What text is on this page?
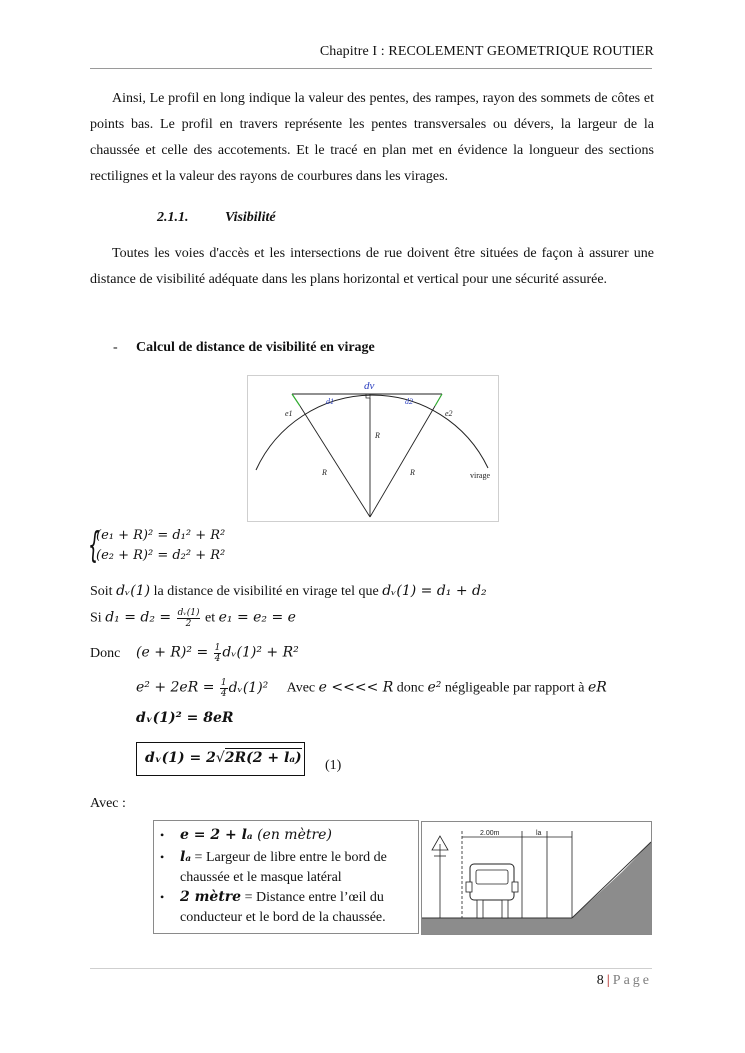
Chapitre I : RECOLEMENT GEOMETRIQUE ROUTIER

Ainsi, Le profil en long indique la valeur des pentes, des rampes, rayon des sommets de côtes et points bas. Le profil en travers représente les pentes transversales ou dévers, la largeur de la chaussée et celle des accotements. Et le tracé en plan met en évidence la longueur des sections rectilignes et la valeur des rayons de courbures dans les virages.

2.1.1.	Visibilité

Toutes les voies d'accès et les intersections de rue doivent être situées de façon à assurer une distance de visibilité adéquate dans les plans horizontal et vertical pour une sécurité assurée.

- Calcul de distance de visibilité en virage
dv
d1	d2
e1	e2
R
R	R	virage
{
(e₁ + R)² = d₁² + R²
(e₂ + R)² = d₂² + R²
Soit dᵥ(1) la distance de visibilité en virage tel que dᵥ(1) = d₁ + d₂
Si $d_1 = d_2 = \frac{\text{dᵥ(1)}}{2}$ et e₁ = e₂ = e
Donc $(e + R)^2 = \frac{1}{4}$ dᵥ(1)² + R²
$e^2 + 2eR = \frac{1}{4}$ dᵥ(1)² Avec e <<<< R donc e² négligeable par rapport à eR
dᵥ(1)² = 8eR
dᵥ(1) = 2√2R(2 + lₐ) (1)
Avec :
• e = 2 + lₐ (en mètre)
• lₐ = Largeur de libre entre le bord de chaussée et le masque latéral
• 2 mètre = Distance entre l’œil du conducteur et le bord de la chaussée.
2.00m	la
8 | Page
